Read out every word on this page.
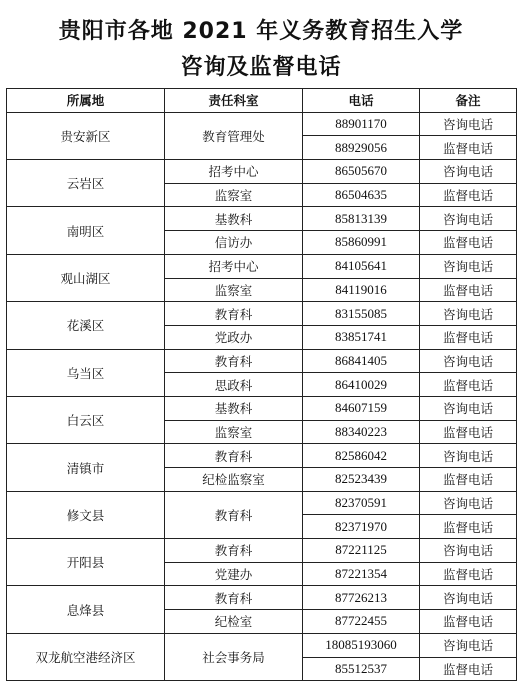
贵阳市各地 2021 年义务教育招生入学
咨询及监督电话
所属地	责任科室	电话	备注
贵安新区	教育管理处	88901170	咨询电话
		88929056	监督电话
云岩区	招考中心	86505670	咨询电话
	监察室	86504635	监督电话
南明区	基教科	85813139	咨询电话
	信访办	85860991	监督电话
观山湖区	招考中心	84105641	咨询电话
	监察室	84119016	监督电话
花溪区	教育科	83155085	咨询电话
	党政办	83851741	监督电话
乌当区	教育科	86841405	咨询电话
	思政科	86410029	监督电话
白云区	基教科	84607159	咨询电话
	监察室	88340223	监督电话
清镇市	教育科	82586042	咨询电话
	纪检监察室	82523439	监督电话
修文县	教育科	82370591	咨询电话
		82371970	监督电话
开阳县	教育科	87221125	咨询电话
	党建办	87221354	监督电话
息烽县	教育科	87726213	咨询电话
	纪检室	87722455	监督电话
双龙航空港经济区	社会事务局	18085193060	咨询电话
		85512537	监督电话
